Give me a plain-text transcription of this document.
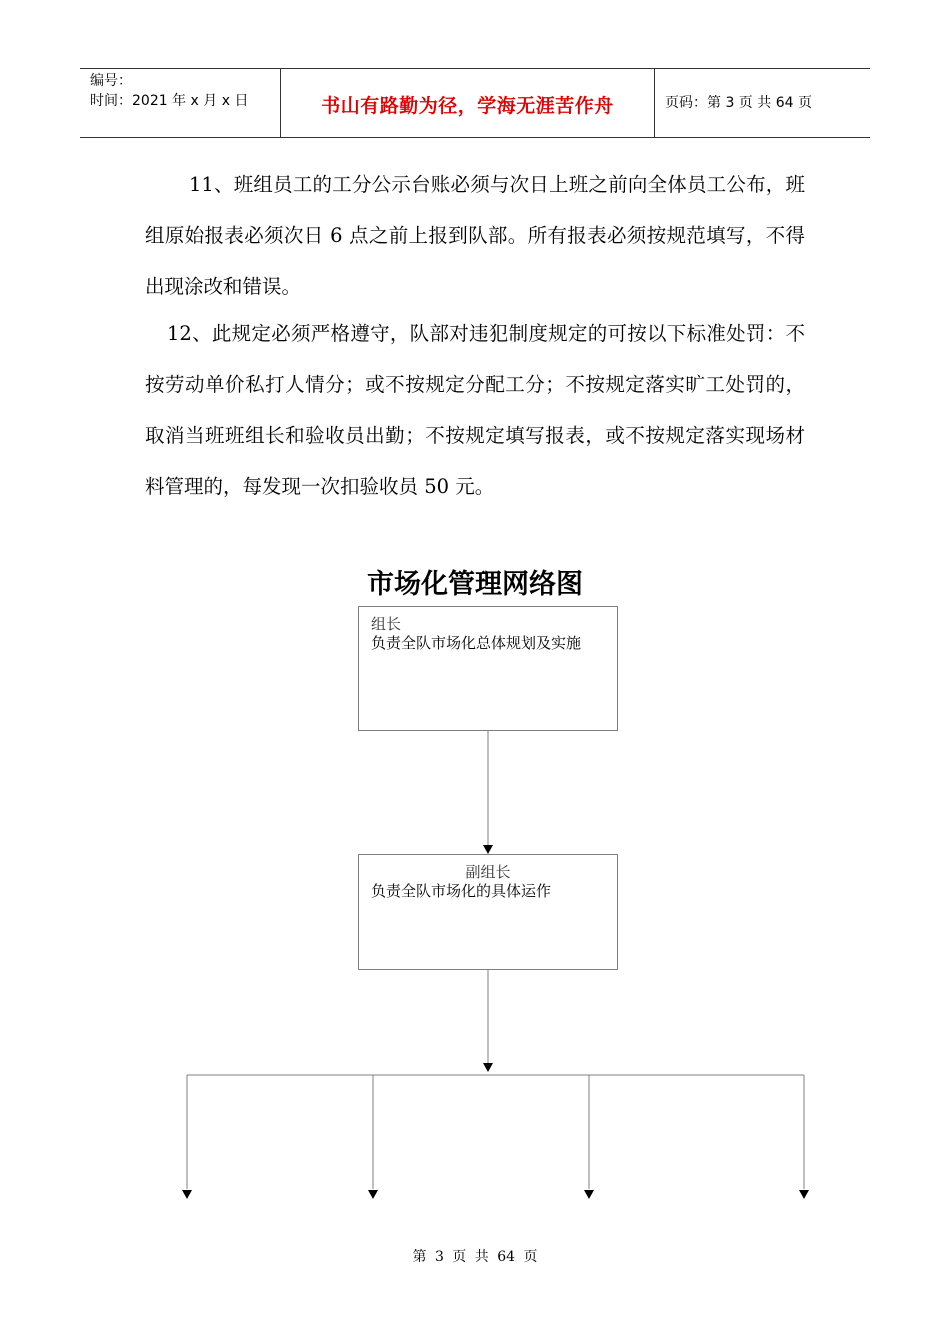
编号：
时间：2021 年 x 月 x 日	书山有路勤为径，学海无涯苦作舟	页码：第 3 页 共 64 页
11、班组员工的工分公示台账必须与次日上班之前向全体员工公布，班组原始报表必须次日 6 点之前上报到队部。所有报表必须按规范填写，不得出现涂改和错误。
12、此规定必须严格遵守，队部对违犯制度规定的可按以下标准处罚：不按劳动单价私打人情分；或不按规定分配工分；不按规定落实旷工处罚的，取消当班班组长和验收员出勤；不按规定填写报表，或不按规定落实现场材料管理的，每发现一次扣验收员 50 元。
市场化管理网络图
组长
负责全队市场化总体规划及实施
副组长
负责全队市场化的具体运作
第 3 页 共 64 页
